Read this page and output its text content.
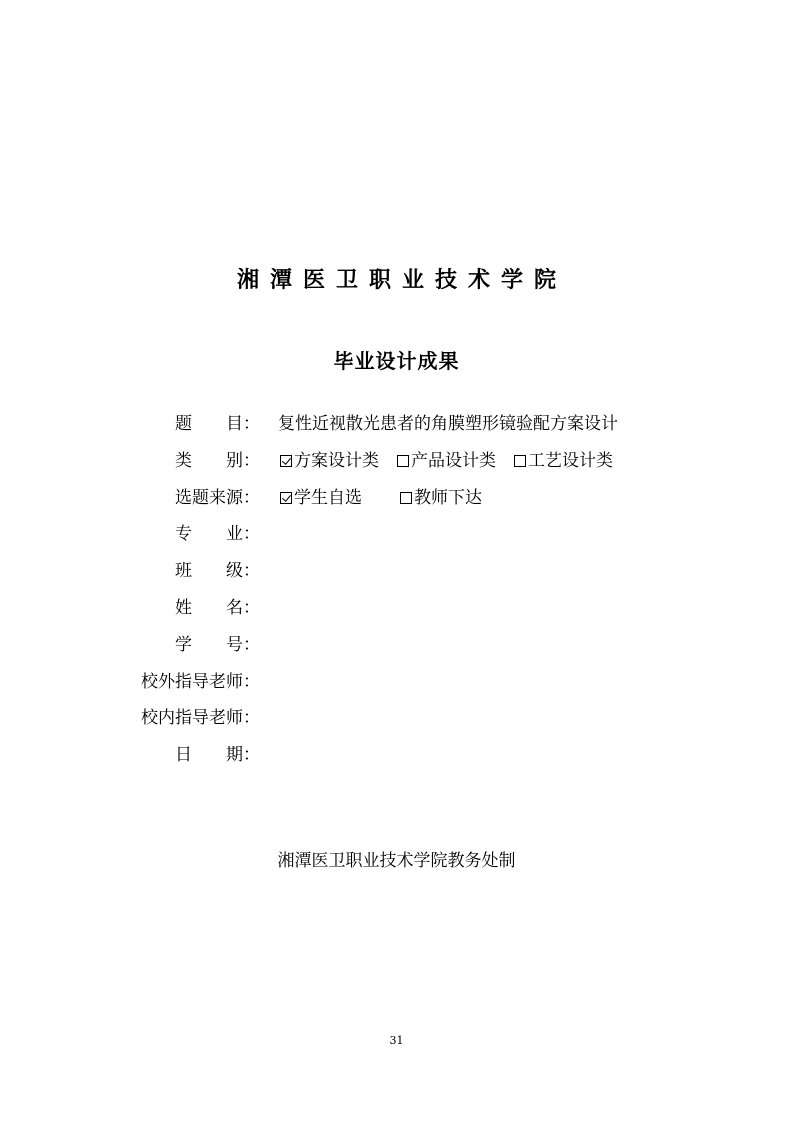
湘潭医卫职业技术学院
毕业设计成果
题　　目： 复性近视散光患者的角膜塑形镜验配方案设计
类　　别：	方案设计类 产品设计类 工艺设计类
选题来源：	学生自选	教师下达
专　　业：
班　　级：
姓　　名：
学　　号：
校外指导老师：
校内指导老师：
日　　期：
湘潭医卫职业技术学院教务处制
31
